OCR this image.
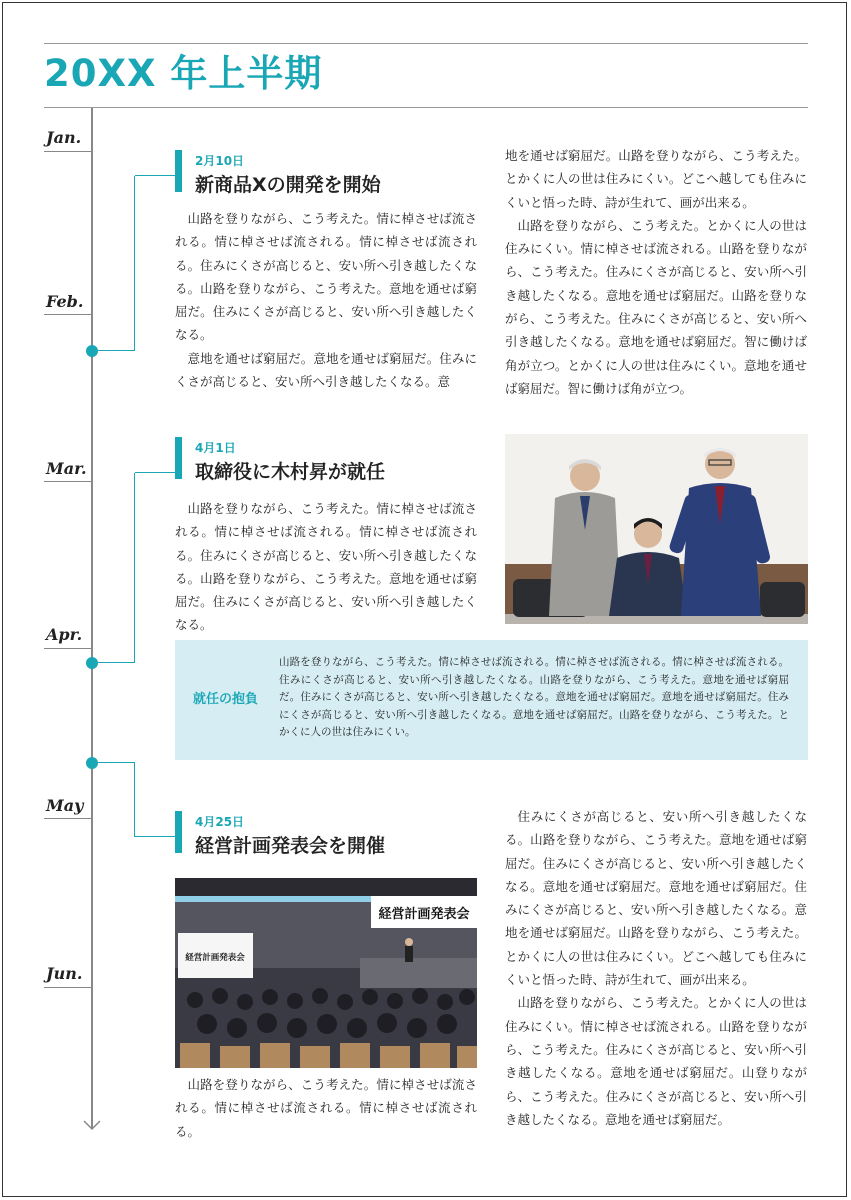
20XX 年上半期
Jan.
Feb.
Mar.
Apr.
May
Jun.
2月10日
新商品Xの開発を開始

山路を登りながら、こう考えた。情に棹させば流される。情に棹させば流される。情に棹させば流される。住みにくさが高じると、安い所へ引き越したくなる。山路を登りながら、こう考えた。意地を通せば窮屈だ。住みにくさが高じると、安い所へ引き越したくなる。

意地を通せば窮屈だ。意地を通せば窮屈だ。住みにくさが高じると、安い所へ引き越したくなる。意

地を通せば窮屈だ。山路を登りながら、こう考えた。とかくに人の世は住みにくい。どこへ越しても住みにくいと悟った時、詩が生れて、画が出来る。

山路を登りながら、こう考えた。とかくに人の世は住みにくい。情に棹させば流される。山路を登りながら、こう考えた。住みにくさが高じると、安い所へ引き越したくなる。意地を通せば窮屈だ。山路を登りながら、こう考えた。住みにくさが高じると、安い所へ引き越したくなる。意地を通せば窮屈だ。智に働けば角が立つ。とかくに人の世は住みにくい。意地を通せば窮屈だ。智に働けば角が立つ。

4月1日
取締役に木村昇が就任

山路を登りながら、こう考えた。情に棹させば流される。情に棹させば流される。情に棹させば流される。住みにくさが高じると、安い所へ引き越したくなる。山路を登りながら、こう考えた。意地を通せば窮屈だ。住みにくさが高じると、安い所へ引き越したくなる。

就任の抱負
山路を登りながら、こう考えた。情に棹させば流される。情に棹させば流される。情に棹させば流される。住みにくさが高じると、安い所へ引き越したくなる。山路を登りながら、こう考えた。意地を通せば窮屈だ。住みにくさが高じると、安い所へ引き越したくなる。意地を通せば窮屈だ。意地を通せば窮屈だ。住みにくさが高じると、安い所へ引き越したくなる。意地を通せば窮屈だ。山路を登りながら、こう考えた。とかくに人の世は住みにくい。
4月25日
経営計画発表会を開催
経営計画発表会
経営計画発表会

山路を登りながら、こう考えた。情に棹させば流される。情に棹させば流される。情に棹させば流される。

住みにくさが高じると、安い所へ引き越したくなる。山路を登りながら、こう考えた。意地を通せば窮屈だ。住みにくさが高じると、安い所へ引き越したくなる。意地を通せば窮屈だ。意地を通せば窮屈だ。住みにくさが高じると、安い所へ引き越したくなる。意地を通せば窮屈だ。山路を登りながら、こう考えた。とかくに人の世は住みにくい。どこへ越しても住みにくいと悟った時、詩が生れて、画が出来る。

山路を登りながら、こう考えた。とかくに人の世は住みにくい。情に棹させば流される。山路を登りながら、こう考えた。住みにくさが高じると、安い所へ引き越したくなる。意地を通せば窮屈だ。山登りながら、こう考えた。住みにくさが高じると、安い所へ引き越したくなる。意地を通せば窮屈だ。
